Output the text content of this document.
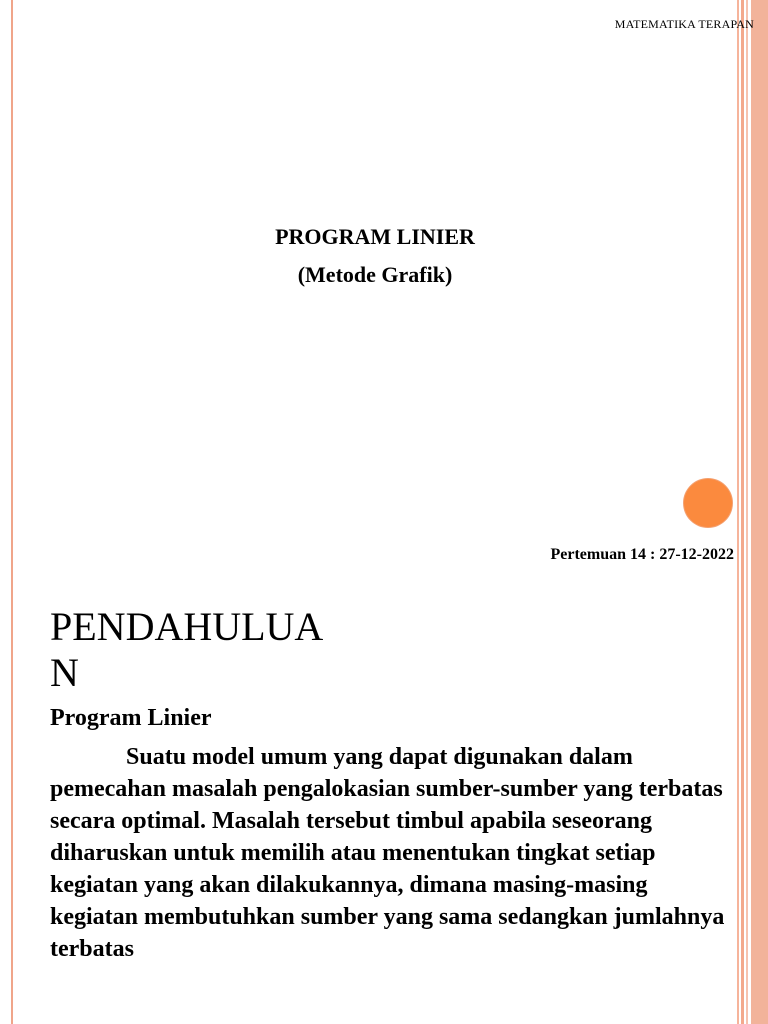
MATEMATIKA TERAPAN
PROGRAM LINIER
(Metode Grafik)
Pertemuan 14 : 27-12-2022
PENDAHULUAN
Program Linier

Suatu model umum yang dapat digunakan dalam pemecahan masalah pengalokasian sumber-sumber yang terbatas secara optimal. Masalah tersebut timbul apabila seseorang diharuskan untuk memilih atau menentukan tingkat setiap kegiatan yang akan dilakukannya, dimana masing-masing kegiatan membutuhkan sumber yang sama sedangkan jumlahnya terbatas
